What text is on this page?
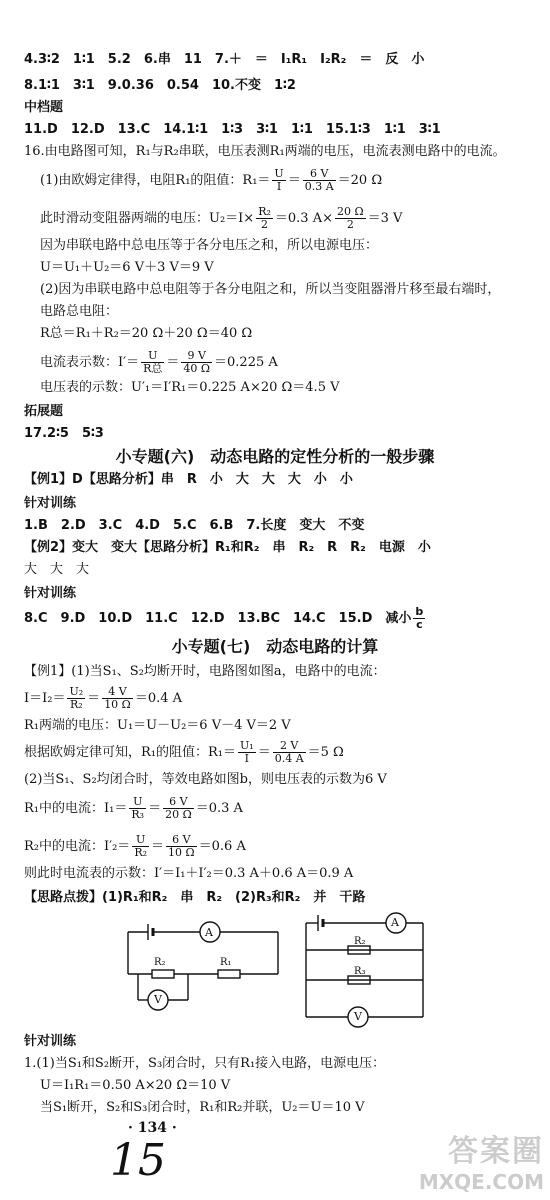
4.3∶2　1∶1　5.2　6.串　11　7.＋　＝　I₁R₁　I₂R₂　＝　反　小
8.1∶1　3∶1　9.0.36　0.54　10.不变　1∶2
中档题
11.D　12.D　13.C　14.1∶1　1∶3　3∶1　1∶1　15.1∶3　1∶1　3∶1
16.由电路图可知，R₁与R₂串联，电压表测R₁两端的电压，电流表测电路中的电流。
(1)由欧姆定律得，电阻R₁的阻值：$R_1= \frac{U}{I} = \frac{6 V}{0.3 A} =20$ Ω
此时滑动变阻器两端的电压：$U_2=I\times \frac{\text{R₂}}{2} =0.3$ $A\times \frac{20 \Omega}{2} =3$ V
因为串联电路中总电压等于各分电压之和，所以电源电压：
U＝U₁＋U₂＝6 V＋3 V＝9 V
(2)因为串联电路中总电阻等于各分电阻之和，所以当变阻器滑片移至最右端时，
电路总电阻：
R总＝R₁＋R₂＝20 Ω＋20 Ω＝40 Ω
电流表示数：$I'= \frac{U}{\text{R总}} = \frac{9 V}{40 \Omega} =0.225$ A
电压表的示数：U′₁＝I′R₁＝0.225 A×20 Ω＝4.5 V
拓展题
17.2∶5　5∶3
小专题(六)　动态电路的定性分析的一般步骤
【例1】D【思路分析】串　R　小　大　大　大　小　小
针对训练
1.B　2.D　3.C　4.D　5.C　6.B　7.长度　变大　不变
【例2】变大　变大【思路分析】R₁和R₂　串　R₂　R　R₂　电源　小
大　大　大
针对训练
8.C　9.D　10.D　11.C　12.D　13.BC　14.C　15.D　减小 $\frac{b}{c}$
小专题(七)　动态电路的计算
【例1】(1)当S₁、S₂均断开时，电路图如图a，电路中的电流：
$I=I_2= \frac{\text{U₂}}{\text{R₂}} = \frac{4 V}{10 \Omega} =0.4$ A
R₁两端的电压：U₁＝U－U₂＝6 V－4 V＝2 V
根据欧姆定律可知，R₁的阻值：$R_1= \frac{\text{U₁}}{I} = \frac{2 V}{0.4 A} =5$ Ω
(2)当S₁、S₂均闭合时，等效电路如图b，则电压表的示数为6 V
R₁中的电流：$I_1= \frac{U}{\text{R₃}} = \frac{6 V}{20 \Omega} =0.3$ A
R₂中的电流：$I'_2= \frac{U}{\text{R₂}} = \frac{6 V}{10 \Omega} =0.6$ A
则此时电流表的示数：I′＝I₁＋I′₂＝0.3 A＋0.6 A＝0.9 A
【思路点拨】(1)R₁和R₂　串　R₂　(2)R₃和R₂　并　干路
A
V
R₂	R₁
A
V
R₂
R₃
针对训练
1.(1)当S₁和S₂断开，S₃闭合时，只有R₁接入电路，电源电压：
U＝I₁R₁＝0.50 A×20 Ω＝10 V
当S₁断开，S₂和S₃闭合时，R₁和R₂并联，U₂＝U＝10 V
· 134 ·
15	答案圈
MXQE.COM
